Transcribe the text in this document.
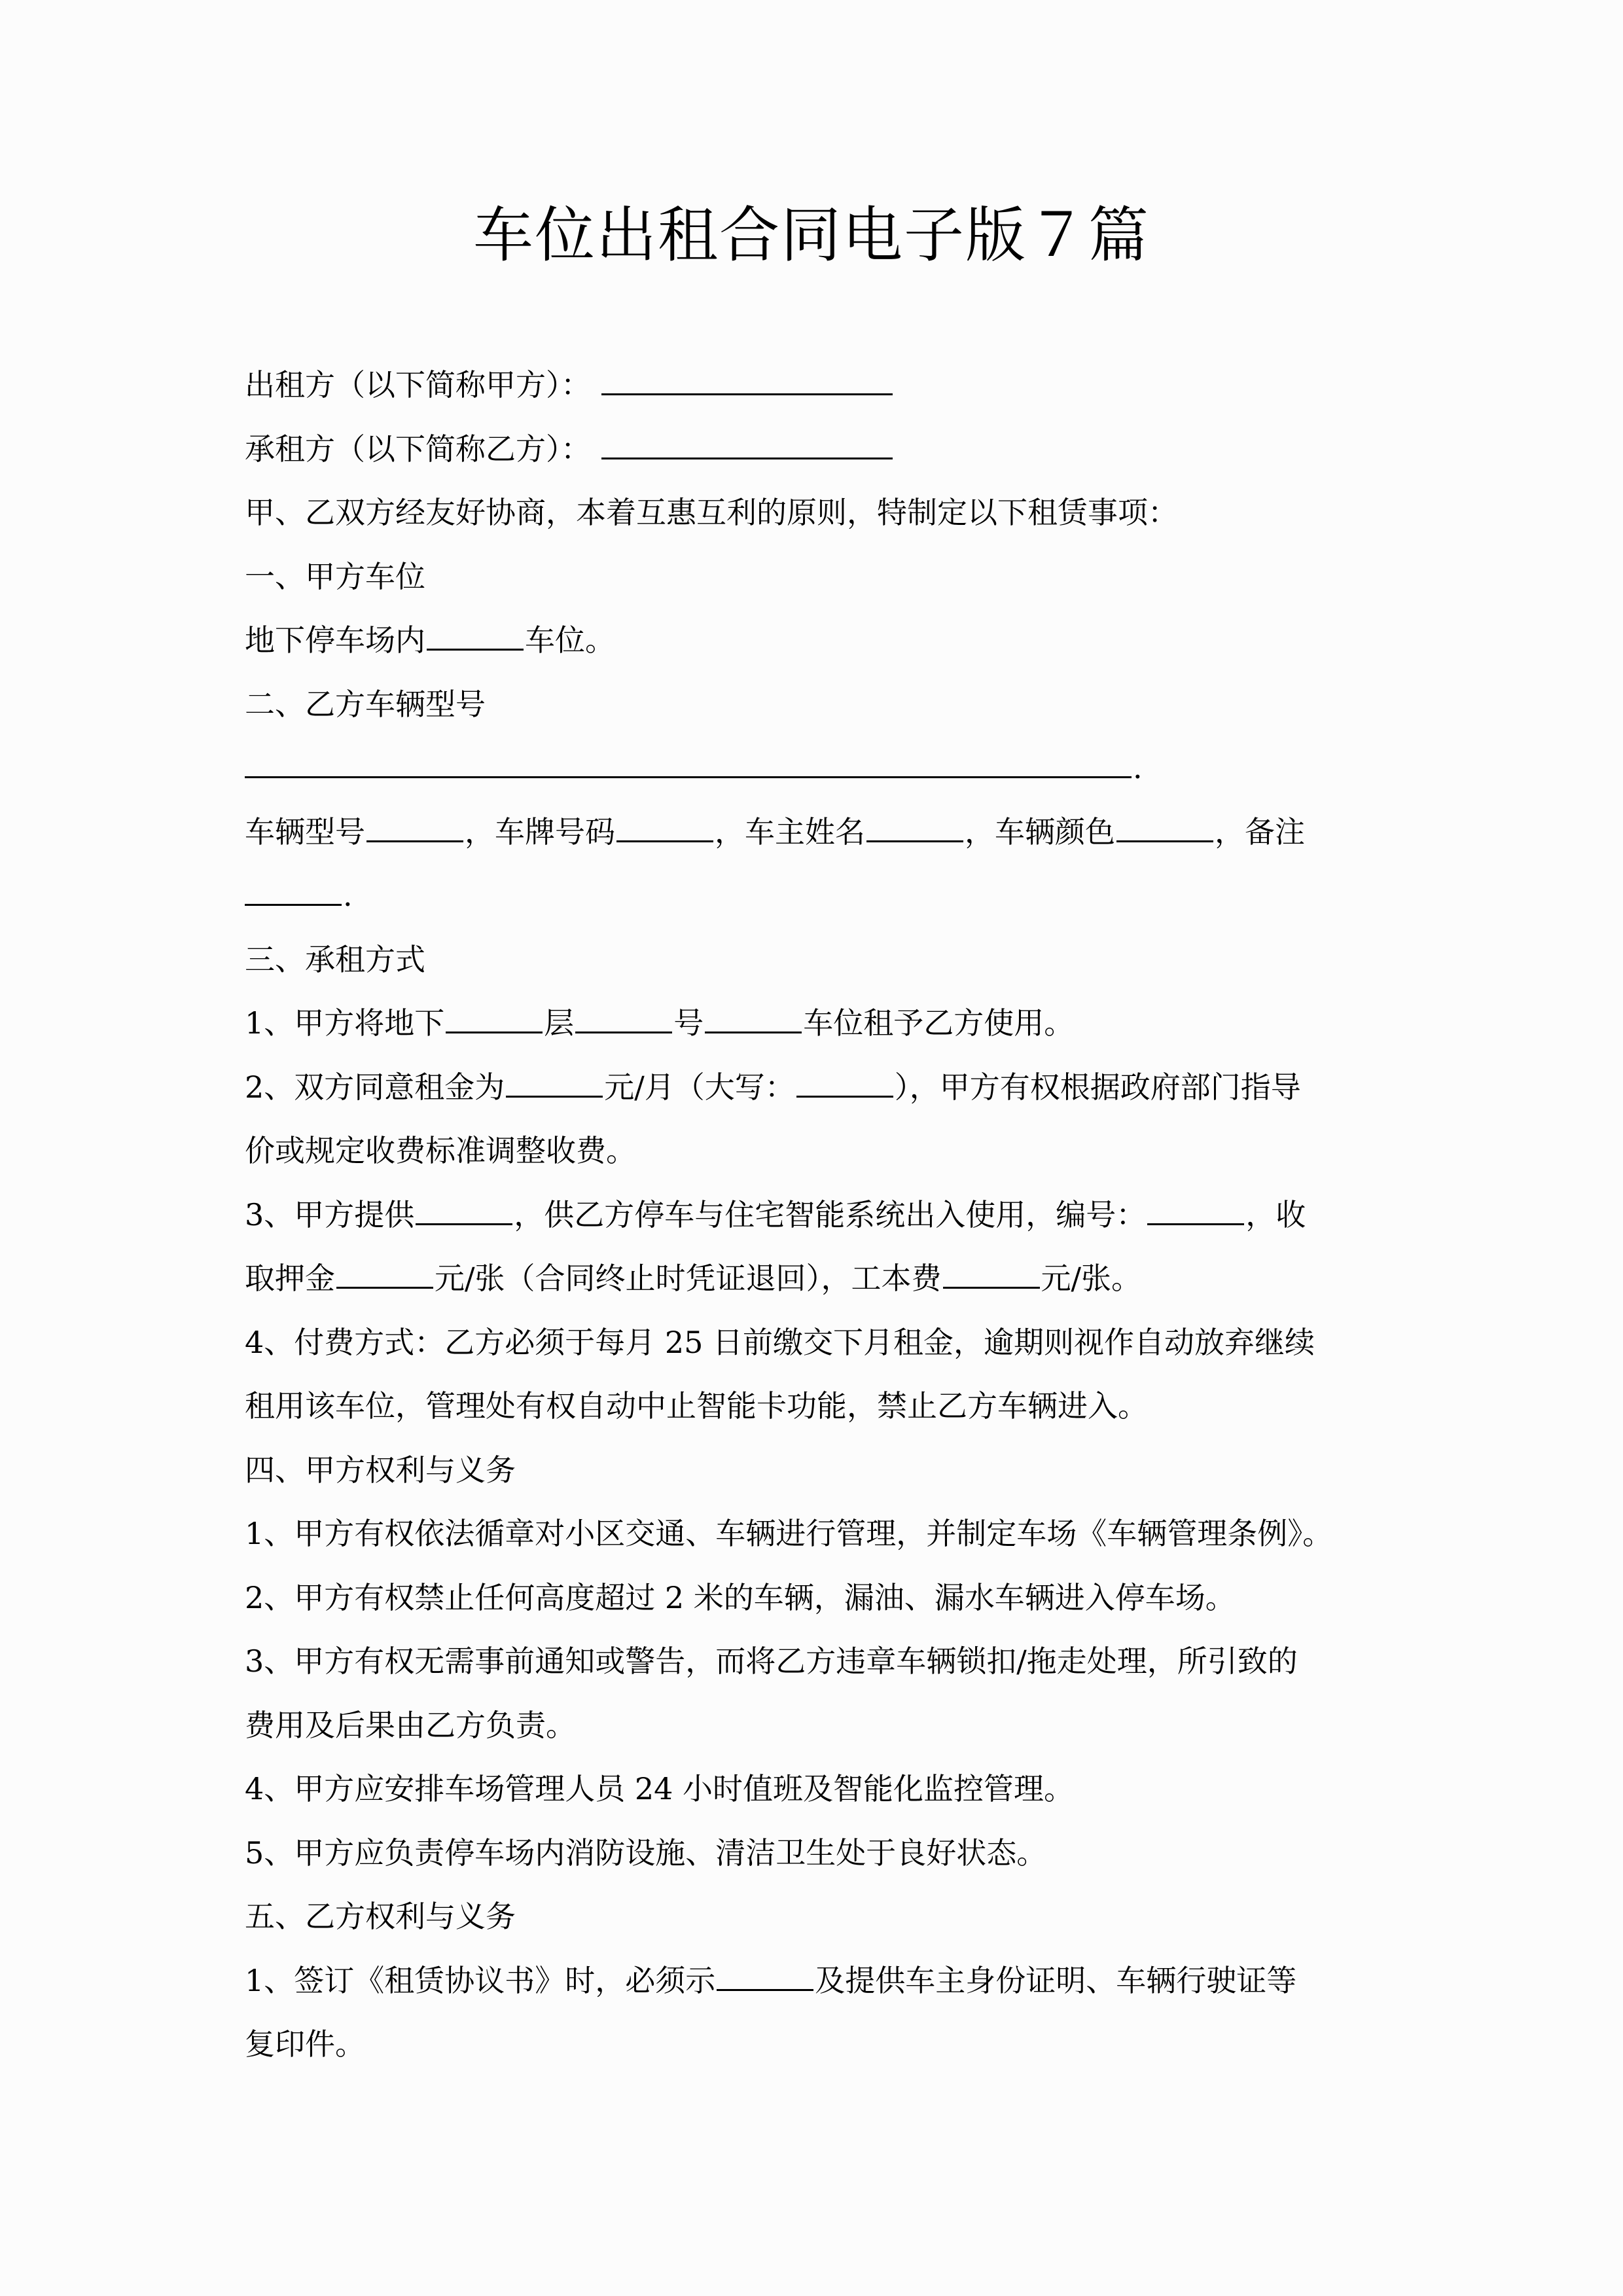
车位出租合同电子版７篇
出租方（以下简称甲方）：
承租方（以下简称乙方）：
甲、乙双方经友好协商，本着互惠互利的原则，特制定以下租赁事项：
一、甲方车位
地下停车场内	车位。
二、乙方车辆型号
.
车辆型号	，车牌号码	，车主姓名	，车辆颜色	，备注
.
三、承租方式
1、甲方将地下	层	号	车位租予乙方使用。
2、双方同意租金为	元/月（大写：	），甲方有权根据政府部门指导
价或规定收费标准调整收费。
3、甲方提供	，供乙方停车与住宅智能系统出入使用，编号：	，收
取押金	元/张（合同终止时凭证退回），工本费	元/张。
4、付费方式：乙方必须于每月 25 日前缴交下月租金，逾期则视作自动放弃继续
租用该车位，管理处有权自动中止智能卡功能，禁止乙方车辆进入。
四、甲方权利与义务
1、甲方有权依法循章对小区交通、车辆进行管理，并制定车场《车辆管理条例》。
2、甲方有权禁止任何高度超过 2 米的车辆，漏油、漏水车辆进入停车场。
3、甲方有权无需事前通知或警告，而将乙方违章车辆锁扣/拖走处理，所引致的
费用及后果由乙方负责。
4、甲方应安排车场管理人员 24 小时值班及智能化监控管理。
5、甲方应负责停车场内消防设施、清洁卫生处于良好状态。
五、乙方权利与义务
1、签订《租赁协议书》时，必须示	及提供车主身份证明、车辆行驶证等
复印件。
